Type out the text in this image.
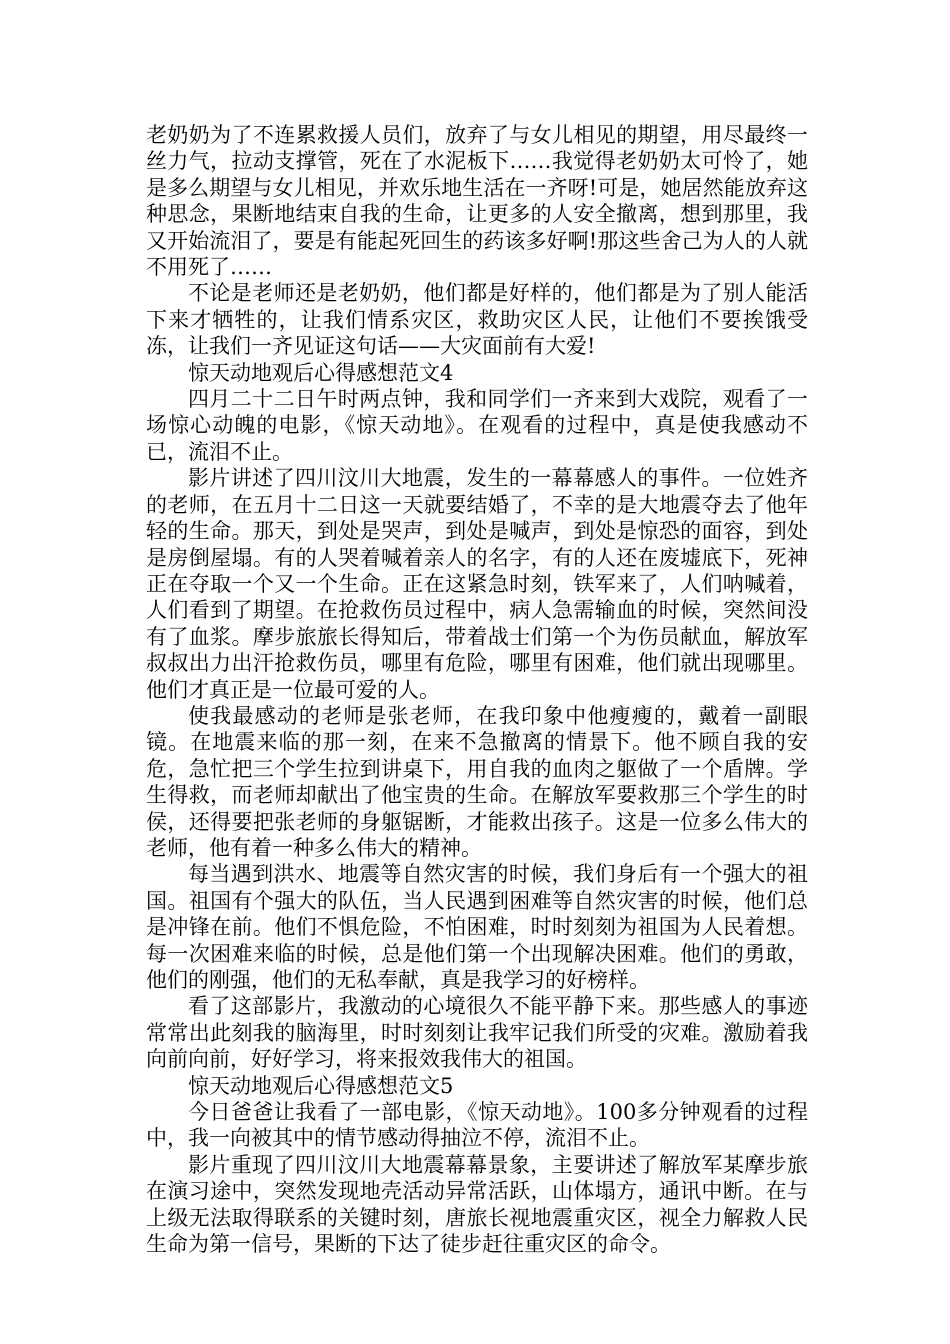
老奶奶为了不连累救援人员们，放弃了与女儿相见的期望，用尽最终一丝力气，拉动支撑管，死在了水泥板下……我觉得老奶奶太可怜了，她是多么期望与女儿相见，并欢乐地生活在一齐呀!可是，她居然能放弃这种思念，果断地结束自我的生命，让更多的人安全撤离，想到那里，我又开始流泪了，要是有能起死回生的药该多好啊!那这些舍己为人的人就不用死了……

不论是老师还是老奶奶，他们都是好样的，他们都是为了别人能活下来才牺牲的，让我们情系灾区，救助灾区人民，让他们不要挨饿受冻，让我们一齐见证这句话——大灾面前有大爱!

惊天动地观后心得感想范文4

四月二十二日午时两点钟，我和同学们一齐来到大戏院，观看了一场惊心动魄的电影，《惊天动地》。在观看的过程中，真是使我感动不已，流泪不止。

影片讲述了四川汶川大地震，发生的一幕幕感人的事件。一位姓齐的老师，在五月十二日这一天就要结婚了，不幸的是大地震夺去了他年轻的生命。那天，到处是哭声，到处是喊声，到处是惊恐的面容，到处是房倒屋塌。有的人哭着喊着亲人的名字，有的人还在废墟底下，死神正在夺取一个又一个生命。正在这紧急时刻，铁军来了，人们呐喊着，人们看到了期望。在抢救伤员过程中，病人急需输血的时候，突然间没有了血浆。摩步旅旅长得知后，带着战士们第一个为伤员献血，解放军叔叔出力出汗抢救伤员，哪里有危险，哪里有困难，他们就出现哪里。他们才真正是一位最可爱的人。

使我最感动的老师是张老师，在我印象中他瘦瘦的，戴着一副眼镜。在地震来临的那一刻，在来不急撤离的情景下。他不顾自我的安危，急忙把三个学生拉到讲桌下，用自我的血肉之躯做了一个盾牌。学生得救，而老师却献出了他宝贵的生命。在解放军要救那三个学生的时侯，还得要把张老师的身躯锯断，才能救出孩子。这是一位多么伟大的老师，他有着一种多么伟大的精神。

每当遇到洪水、地震等自然灾害的时候，我们身后有一个强大的祖国。祖国有个强大的队伍，当人民遇到困难等自然灾害的时候，他们总是冲锋在前。他们不惧危险，不怕困难，时时刻刻为祖国为人民着想。每一次困难来临的时候，总是他们第一个出现解决困难。他们的勇敢，他们的刚强，他们的无私奉献，真是我学习的好榜样。

看了这部影片，我激动的心境很久不能平静下来。那些感人的事迹常常出此刻我的脑海里，时时刻刻让我牢记我们所受的灾难。激励着我向前向前，好好学习，将来报效我伟大的祖国。

惊天动地观后心得感想范文5

今日爸爸让我看了一部电影，《惊天动地》。100多分钟观看的过程中，我一向被其中的情节感动得抽泣不停，流泪不止。

影片重现了四川汶川大地震幕幕景象，主要讲述了解放军某摩步旅在演习途中，突然发现地壳活动异常活跃，山体塌方，通讯中断。在与上级无法取得联系的关键时刻，唐旅长视地震重灾区，视全力解救人民生命为第一信号，果断的下达了徒步赶往重灾区的命令。
